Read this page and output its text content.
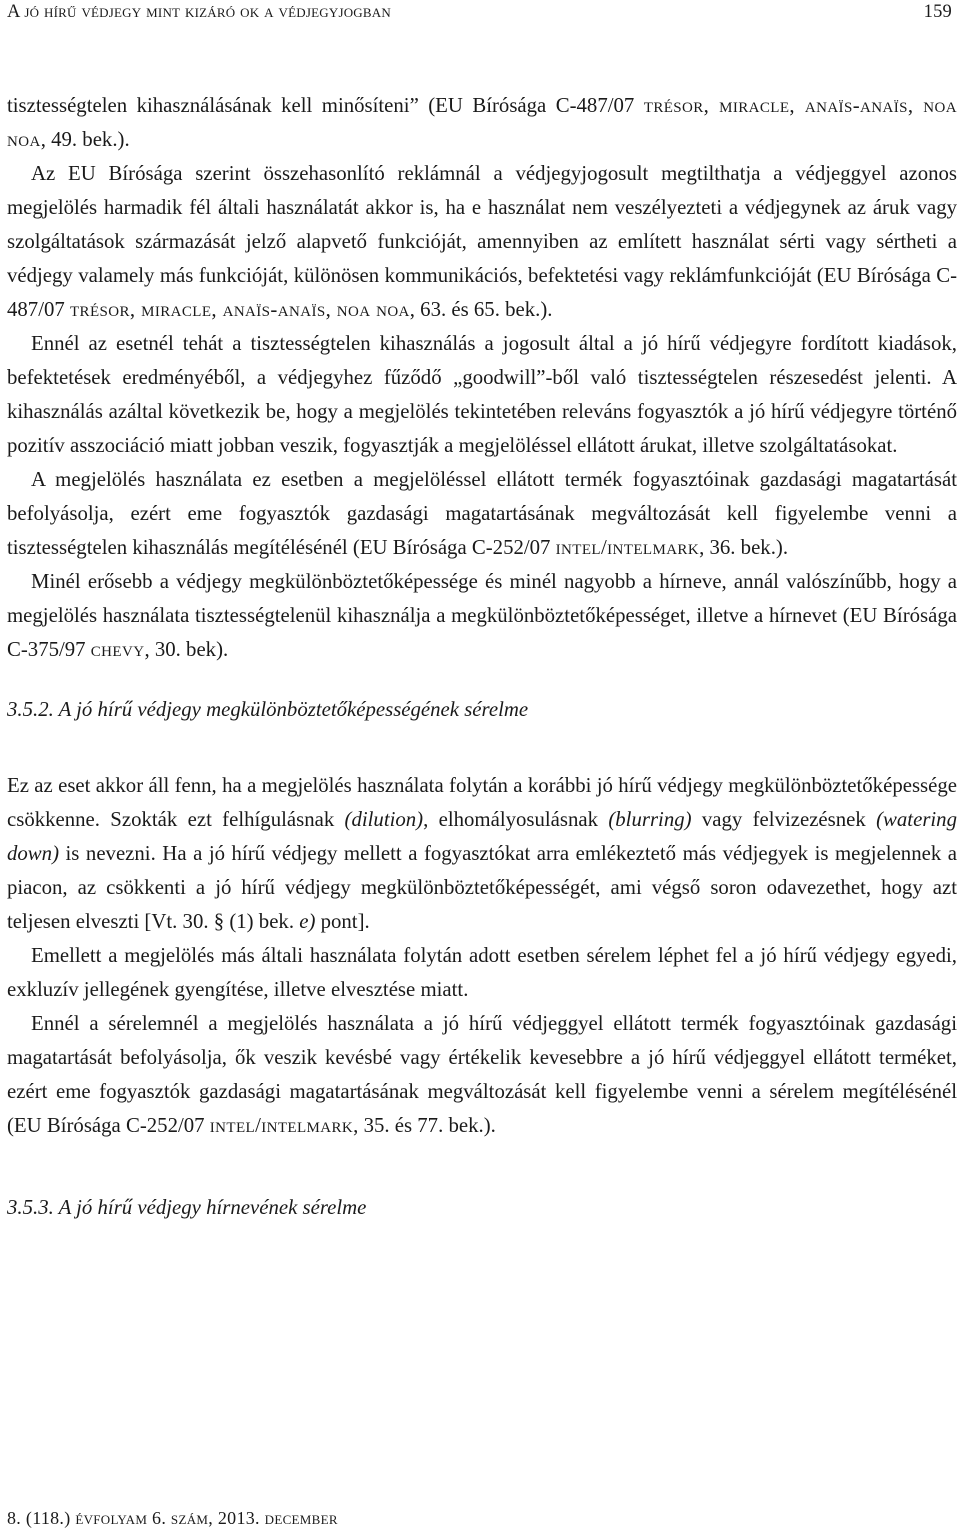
A jó hírű védjegy mint kizáró ok a védjegyjogban	159

tisztességtelen kihasználásának kell minősíteni” (EU Bírósága C-487/07 trésor, miracle, anaïs-anaïs, noa noa, 49. bek.).

Az EU Bírósága szerint összehasonlító reklámnál a védjegyjogosult megtilthatja a védjeggyel azonos megjelölés harmadik fél általi használatát akkor is, ha e használat nem veszélyezteti a védjegynek az áruk vagy szolgáltatások származását jelző alapvető funkcióját, amennyiben az említett használat sérti vagy sértheti a védjegy valamely más funkcióját, különösen kommunikációs, befektetési vagy reklámfunkcióját (EU Bírósága C-487/07 trésor, miracle, anaïs-anaïs, noa noa, 63. és 65. bek.).

Ennél az esetnél tehát a tisztességtelen kihasználás a jogosult által a jó hírű védjegyre fordított kiadások, befektetések eredményéből, a védjegyhez fűződő „goodwill”-ből való tisztességtelen részesedést jelenti. A kihasználás azáltal következik be, hogy a megjelölés tekintetében releváns fogyasztók a jó hírű védjegyre történő pozitív asszociáció miatt jobban veszik, fogyasztják a megjelöléssel ellátott árukat, illetve szolgáltatásokat.

A megjelölés használata ez esetben a megjelöléssel ellátott termék fogyasztóinak gazdasági magatartását befolyásolja, ezért eme fogyasztók gazdasági magatartásának megváltozását kell figyelembe venni a tisztességtelen kihasználás megítélésénél (EU Bírósága C-252/07 intel/intelmark, 36. bek.).

Minél erősebb a védjegy megkülönböztetőképessége és minél nagyobb a hírneve, annál valószínűbb, hogy a megjelölés használata tisztességtelenül kihasználja a megkülönböztetőképességet, illetve a hírnevet (EU Bírósága C-375/97 chevy, 30. bek).

3.5.2. A jó hírű védjegy megkülönböztetőképességének sérelme

Ez az eset akkor áll fenn, ha a megjelölés használata folytán a korábbi jó hírű védjegy megkülönböztetőképessége csökkenne. Szokták ezt felhígulásnak (dilution), elhomályosulásnak (blurring) vagy felvizezésnek (watering down) is nevezni. Ha a jó hírű védjegy mellett a fogyasztókat arra emlékeztető más védjegyek is megjelennek a piacon, az csökkenti a jó hírű védjegy megkülönböztetőképességét, ami végső soron odavezethet, hogy azt teljesen elveszti [Vt. 30. § (1) bek. e) pont].

Emellett a megjelölés más általi használata folytán adott esetben sérelem léphet fel a jó hírű védjegy egyedi, exkluzív jellegének gyengítése, illetve elvesztése miatt.

Ennél a sérelemnél a megjelölés használata a jó hírű védjeggyel ellátott termék fogyasztóinak gazdasági magatartását befolyásolja, ők veszik kevésbé vagy értékelik kevesebbre a jó hírű védjeggyel ellátott terméket, ezért eme fogyasztók gazdasági magatartásának megváltozását kell figyelembe venni a sérelem megítélésénél (EU Bírósága C-252/07 intel/intelmark, 35. és 77. bek.).

3.5.3. A jó hírű védjegy hírnevének sérelme

8. (118.) évfolyam 6. szám, 2013. december
